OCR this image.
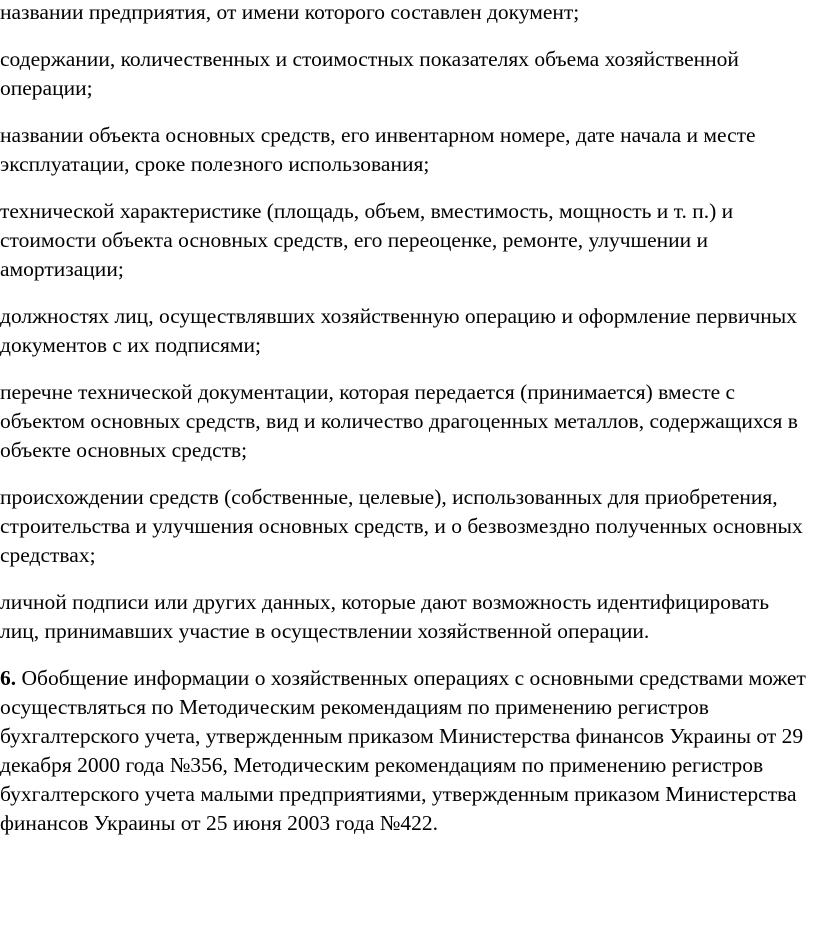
названии предприятия, от имени которого составлен документ;

содержании, количественных и стоимостных показателях объема хозяйственной операции;

названии объекта основных средств, его инвентарном номере, дате начала и месте эксплуатации, сроке полезного использования;

технической характеристике (площадь, объем, вместимость, мощность и т. п.) и стоимости объекта основных средств, его переоценке, ремонте, улучшении и амортизации;

должностях лиц, осуществлявших хозяйственную операцию и оформление первичных документов с их подписями;

перечне технической документации, которая передается (принимается) вместе с объектом основных средств, вид и количество драгоценных металлов, содержащихся в объекте основных средств;

происхождении средств (собственные, целевые), использованных для приобретения, строительства и улучшения основных средств, и о безвозмездно полученных основных средствах;

личной подписи или других данных, которые дают возможность идентифицировать лиц, принимавших участие в осуществлении хозяйственной операции.

6. Обобщение информации о хозяйственных операциях с основными средствами может осуществляться по Методическим рекомендациям по применению регистров бухгалтерского учета, утвержденным приказом Министерства финансов Украины от 29 декабря 2000 года №356, Методическим рекомендациям по применению регистров бухгалтерского учета малыми предприятиями, утвержденным приказом Министерства финансов Украины от 25 июня 2003 года №422.
